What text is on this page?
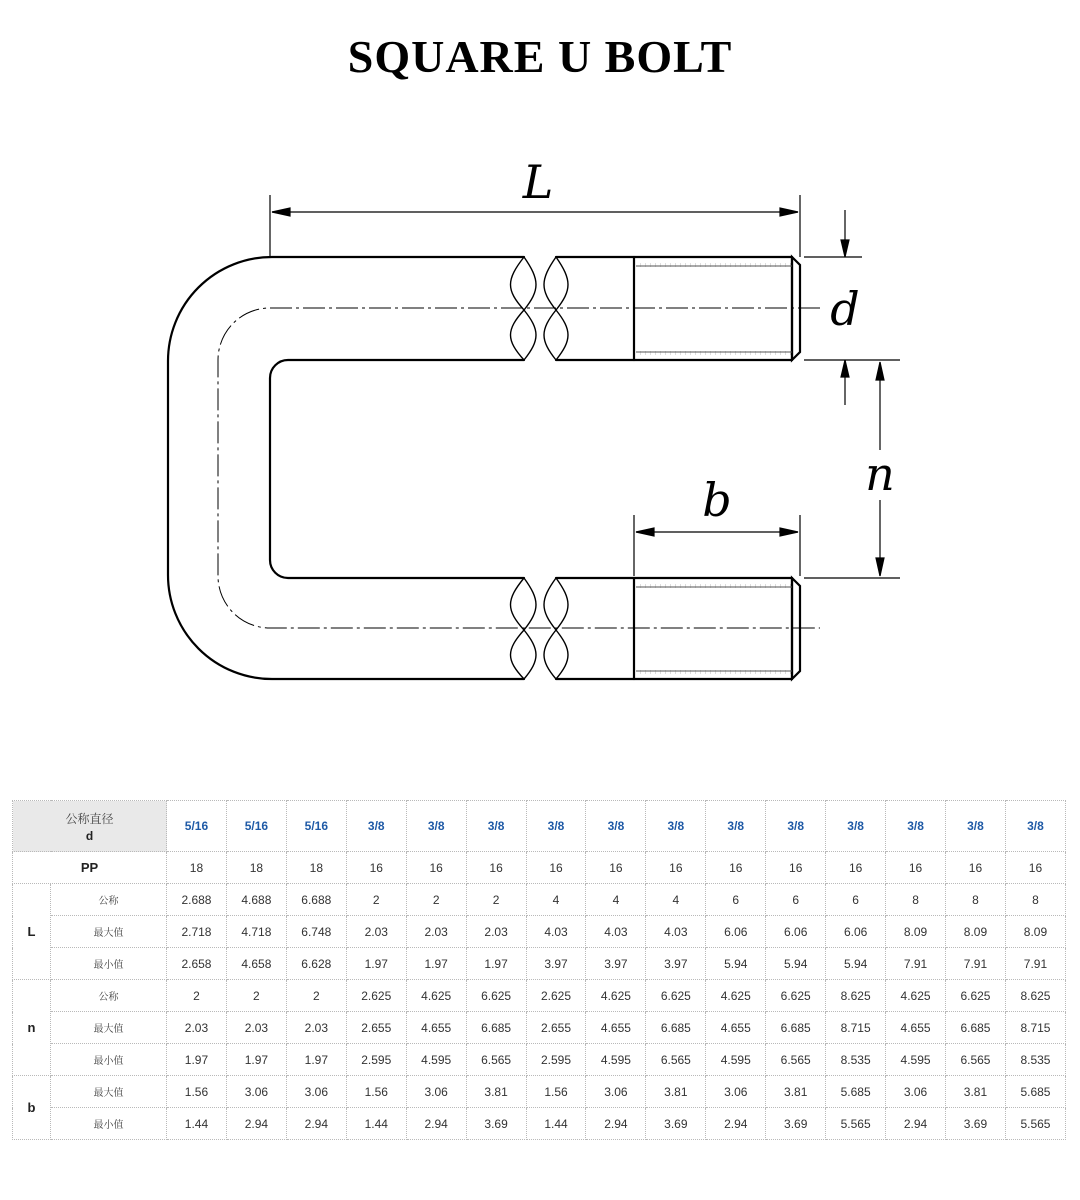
SQUARE U BOLT
L
d
n
b
公称直径
d		5/16	5/16	5/16	3/8	3/8	3/8	3/8	3/8	3/8	3/8	3/8	3/8	3/8	3/8	3/8
PP		18	18	18	16	16	16	16	16	16	16	16	16	16	16	16
L	公称	2.688	4.688	6.688	2	2	2	4	4	4	6	6	6	8	8	8
	最大值	2.718	4.718	6.748	2.03	2.03	2.03	4.03	4.03	4.03	6.06	6.06	6.06	8.09	8.09	8.09
	最小值	2.658	4.658	6.628	1.97	1.97	1.97	3.97	3.97	3.97	5.94	5.94	5.94	7.91	7.91	7.91
n	公称	2	2	2	2.625	4.625	6.625	2.625	4.625	6.625	4.625	6.625	8.625	4.625	6.625	8.625
	最大值	2.03	2.03	2.03	2.655	4.655	6.685	2.655	4.655	6.685	4.655	6.685	8.715	4.655	6.685	8.715
	最小值	1.97	1.97	1.97	2.595	4.595	6.565	2.595	4.595	6.565	4.595	6.565	8.535	4.595	6.565	8.535
b	最大值	1.56	3.06	3.06	1.56	3.06	3.81	1.56	3.06	3.81	3.06	3.81	5.685	3.06	3.81	5.685
	最小值	1.44	2.94	2.94	1.44	2.94	3.69	1.44	2.94	3.69	2.94	3.69	5.565	2.94	3.69	5.565
